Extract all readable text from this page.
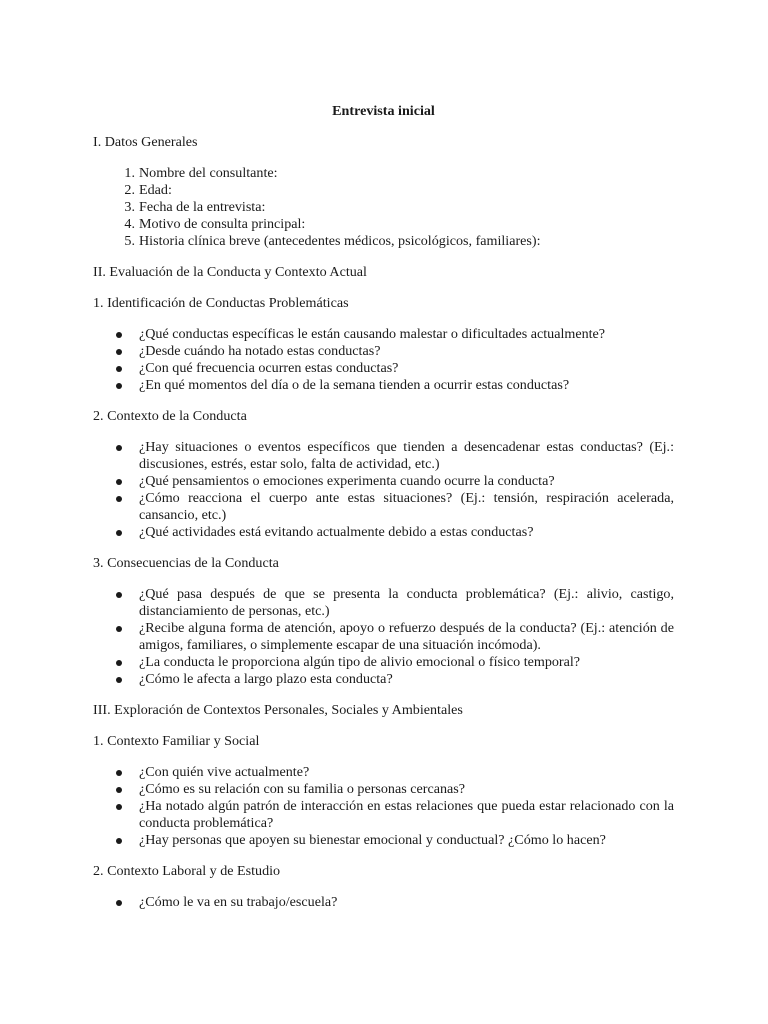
Entrevista inicial
I. Datos Generales
1. Nombre del consultante:
2. Edad:
3. Fecha de la entrevista:
4. Motivo de consulta principal:
5. Historia clínica breve (antecedentes médicos, psicológicos, familiares):
II. Evaluación de la Conducta y Contexto Actual
1. Identificación de Conductas Problemáticas
¿Qué conductas específicas le están causando malestar o dificultades actualmente?
¿Desde cuándo ha notado estas conductas?
¿Con qué frecuencia ocurren estas conductas?
¿En qué momentos del día o de la semana tienden a ocurrir estas conductas?
2. Contexto de la Conducta
¿Hay situaciones o eventos específicos que tienden a desencadenar estas conductas? (Ej.: discusiones, estrés, estar solo, falta de actividad, etc.)
¿Qué pensamientos o emociones experimenta cuando ocurre la conducta?
¿Cómo reacciona el cuerpo ante estas situaciones? (Ej.: tensión, respiración acelerada, cansancio, etc.)
¿Qué actividades está evitando actualmente debido a estas conductas?
3. Consecuencias de la Conducta
¿Qué pasa después de que se presenta la conducta problemática? (Ej.: alivio, castigo, distanciamiento de personas, etc.)
¿Recibe alguna forma de atención, apoyo o refuerzo después de la conducta? (Ej.: atención de amigos, familiares, o simplemente escapar de una situación incómoda).
¿La conducta le proporciona algún tipo de alivio emocional o físico temporal?
¿Cómo le afecta a largo plazo esta conducta?
III. Exploración de Contextos Personales, Sociales y Ambientales
1. Contexto Familiar y Social
¿Con quién vive actualmente?
¿Cómo es su relación con su familia o personas cercanas?
¿Ha notado algún patrón de interacción en estas relaciones que pueda estar relacionado con la conducta problemática?
¿Hay personas que apoyen su bienestar emocional y conductual? ¿Cómo lo hacen?
2. Contexto Laboral y de Estudio
¿Cómo le va en su trabajo/escuela?
